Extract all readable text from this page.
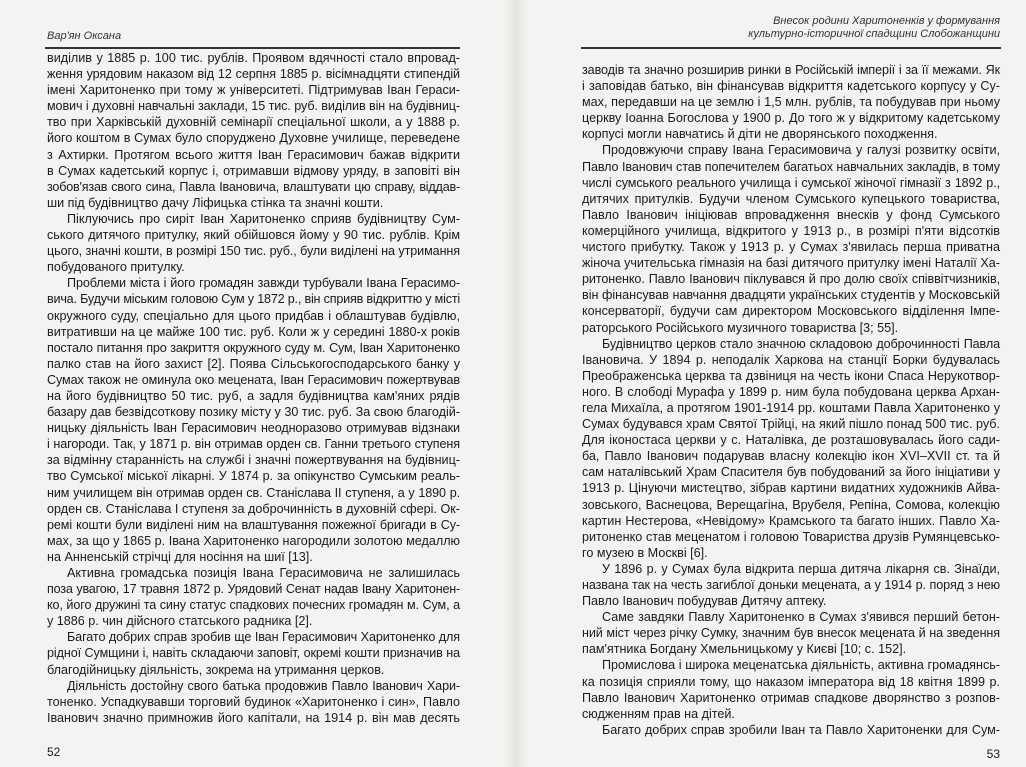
Вар'ян Оксана
виділив у 1885 р. 100 тис. рублів. Проявом вдячності стало впровад-
ження урядовим наказом від 12 серпня 1885 р. вісімнадцяти стипендій
імені Харитоненко при тому ж університеті. Підтримував Іван Гераси-
мович і духовні навчальні заклади, 15 тис. руб. виділив він на будівниц-
тво при Харківській духовній семінарії спеціальної школи, а у 1888 р.
його коштом в Сумах було споруджено Духовне училище, переведене
з Ахтирки. Протягом всього життя Іван Герасимович бажав відкрити
в Сумах кадетський корпус і, отримавши відмову уряду, в заповіті він
зобов'язав свого сина, Павла Івановича, влаштувати цю справу, віддав-
ши під будівництво дачу Ліфицька стінка та значні кошти.
Піклуючись про сиріт Іван Харитоненко сприяв будівництву Сум-
ського дитячого притулку, який обійшовся йому у 90 тис. рублів. Крім
цього, значні кошти, в розмірі 150 тис. руб., були виділені на утримання
побудованого притулку.
Проблеми міста і його громадян завжди турбували Івана Герасимо-
вича. Будучи міським головою Сум у 1872 р., він сприяв відкриттю у місті
окружного суду, спеціально для цього придбав і облаштував будівлю,
витративши на це майже 100 тис. руб. Коли ж у середині 1880-х років
постало питання про закриття окружного суду м. Сум, Іван Харитоненко
палко став на його захист [2]. Поява Сільськогосподарського банку у
Сумах також не оминула око мецената, Іван Герасимович пожертвував
на його будівництво 50 тис. руб, а задля будівництва кам'яних рядів
базару дав безвідсоткову позику місту у 30 тис. руб. За свою благодій-
ницьку діяльність Іван Герасимович неодноразово отримував відзнаки
і нагороди. Так, у 1871 р. він отримав орден св. Ганни третього ступеня
за відмінну старанність на службі і значні пожертвування на будівниц-
тво Сумської міської лікарні. У 1874 р. за опікунство Сумським реаль-
ним училищем він отримав орден св. Станіслава II ступеня, а у 1890 р.
орден св. Станіслава I ступеня за доброчинність в духовній сфері. Ок-
ремі кошти були виділені ним на влаштування пожежної бригади в Су-
мах, за що у 1865 р. Івана Харитоненко нагородили золотою медаллю
на Анненській стрічці для носіння на шиї [13].
Активна громадська позиція Івана Герасимовича не залишилась
поза увагою, 17 травня 1872 р. Урядовий Сенат надав Івану Харитонен-
ко, його дружині та сину статус спадкових почесних громадян м. Сум, а
у 1886 р. чин дійсного статського радника [2].
Багато добрих справ зробив ще Іван Герасимович Харитоненко для
рідної Сумщини і, навіть складаючи заповіт, окремі кошти призначив на
благодійницьку діяльність, зокрема на утримання церков.
Діяльність достойну свого батька продовжив Павло Іванович Хари-
тоненко. Успадкувавши торговий будинок «Харитоненко і син», Павло
Іванович значно примножив його капітали, на 1914 р. він мав десять
52
Внесок родини Харитоненків у формування
культурно-історичної спадщини Слобожанщини
заводів та значно розширив ринки в Російській імперії і за її межами. Як
і заповідав батько, він фінансував відкриття кадетського корпусу у Су-
мах, передавши на це землю і 1,5 млн. рублів, та побудував при ньому
церкву Іоанна Богослова у 1900 р. До того ж у відкритому кадетському
корпусі могли навчатись й діти не дворянського походження.
Продовжуючи справу Івана Герасимовича у галузі розвитку освіти,
Павло Іванович став попечителем багатьох навчальних закладів, в тому
числі сумського реального училища і сумської жіночої гімназії з 1892 р.,
дитячих притулків. Будучи членом Сумського купецького товариства,
Павло Іванович ініціював впровадження внесків у фонд Сумського
комерційного училища, відкритого у 1913 р., в розмірі п'яти відсотків
чистого прибутку. Також у 1913 р. у Сумах з'явилась перша приватна
жіноча учительська гімназія на базі дитячого притулку імені Наталії Ха-
ритоненко. Павло Іванович піклувався й про долю своїх співвітчизників,
він фінансував навчання двадцяти українських студентів у Московській
консерваторії, будучи сам директором Московського відділення Імпе-
раторського Російського музичного товариства [3; 55].
Будівництво церков стало значною складовою доброчинності Павла
Івановича. У 1894 р. неподалік Харкова на станції Борки будувалась
Преображенська церква та дзвіниця на честь ікони Спаса Нерукотвор-
ного. В слободі Мурафа у 1899 р. ним була побудована церква Архан-
гела Михаїла, а протягом 1901-1914 рр. коштами Павла Харитоненко у
Сумах будувався храм Святої Трійці, на який пішло понад 500 тис. руб.
Для іконостаса церкви у с. Наталівка, де розташовувалась його сади-
ба, Павло Іванович подарував власну колекцію ікон XVI–XVII ст. та й
сам наталівський Храм Спасителя був побудований за його ініціативи у
1913 р. Цінуючи мистецтво, зібрав картини видатних художників Айва-
зовського, Васнецова, Верещагіна, Врубеля, Репіна, Сомова, колекцію
картин Нестерова, «Невідому» Крамського та багато інших. Павло Ха-
ритоненко став меценатом і головою Товариства друзів Румянцевсько-
го музею в Москві [6].
У 1896 р. у Сумах була відкрита перша дитяча лікарня св. Зінаїди,
названа так на честь загиблої доньки мецената, а у 1914 р. поряд з нею
Павло Іванович побудував Дитячу аптеку.
Саме завдяки Павлу Харитоненко в Сумах з'явився перший бетон-
ний міст через річку Сумку, значним був внесок мецената й на зведення
пам'ятника Богдану Хмельницькому у Києві [10; с. 152].
Промислова і широка меценатська діяльність, активна громадянсь-
ка позиція сприяли тому, що наказом імператора від 18 квітня 1899 р.
Павло Іванович Харитоненко отримав спадкове дворянство з розпов-
сюдженням прав на дітей.
Багато добрих справ зробили Іван та Павло Харитоненки для Сум-
53
